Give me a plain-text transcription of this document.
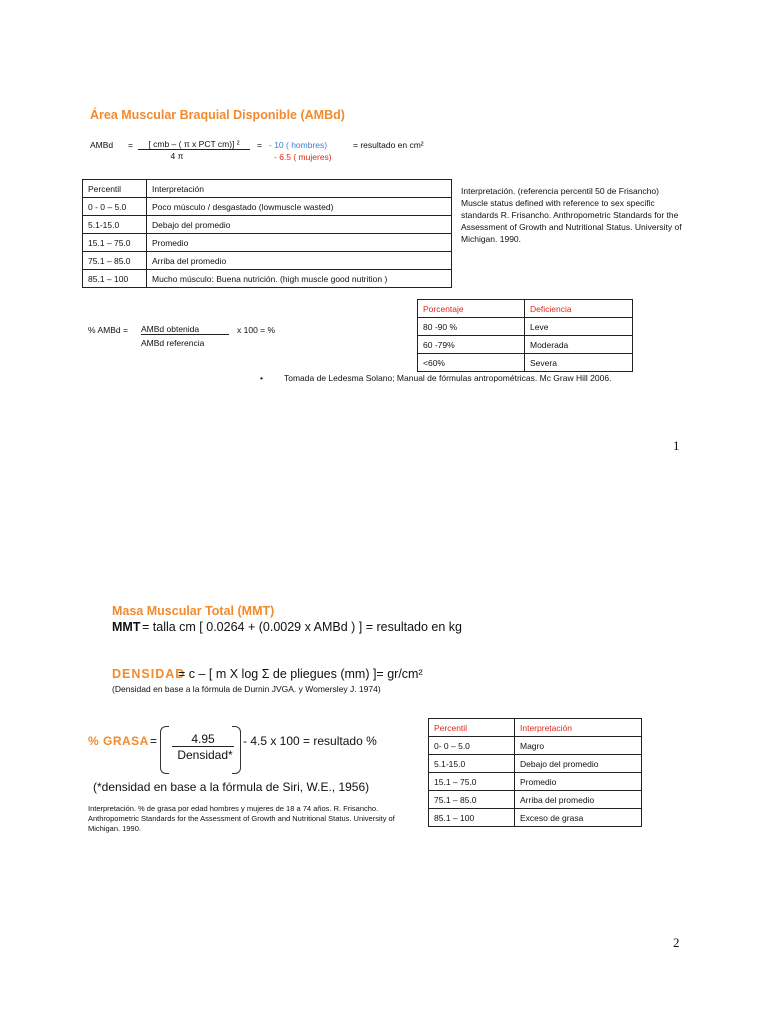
Área Muscular Braquial Disponible (AMBd)
AMBd =	[ cmb – ( π x PCT cm)] ²
4 π
= - 10 ( hombres)
- 6.5 ( mujeres)
= resultado en cm²
Percentil	Interpretación
0 - 0 – 5.0	Poco músculo / desgastado (lowmuscle wasted)
5.1-15.0	Debajo del promedio
15.1 – 75.0	Promedio
75.1 – 85.0	Arriba del promedio
85.1 – 100	Mucho músculo: Buena nutrición. (high muscle good nutrition )
Interpretación. (referencia percentil 50 de Frisancho) Muscle status defined with reference to sex specific standards R. Frisancho. Anthropometric Standards for the Assessment of Growth and Nutritional Status. University of Michigan. 1990.
% AMBd = AMBd obtenida
AMBd referencia
x 100 = %
Porcentaje	Deficiencia
80 -90 %	Leve
60 -79%	Moderada
<60%	Severa
• Tomada de Ledesma Solano; Manual de fórmulas antropométricas. Mc Graw Hill 2006.
1
Masa Muscular Total (MMT)
MMT = talla cm [ 0.0264 + (0.0029 x AMBd ) ] = resultado en kg
DENSIDAD
= c – [ m X log Σ de pliegues (mm) ]= gr/cm²
(Densidad en base a la fórmula de Durnin JVGA. y Womersley J. 1974)
% GRASA =	4.95
Densidad*
- 4.5 x 100 = resultado %
(*densidad en base a la fórmula de Siri, W.E., 1956)
Interpretación. % de grasa por edad hombres y mujeres de 18 a 74 años. R. Frisancho. Anthropometric Standards for the Assessment of Growth and Nutritional Status. University of Michigan. 1990.
Percentil	Interpretación
0- 0 – 5.0	Magro
5.1-15.0	Debajo del promedio
15.1 – 75.0	Promedio
75.1 – 85.0	Arriba del promedio
85.1 – 100	Exceso de grasa
2
